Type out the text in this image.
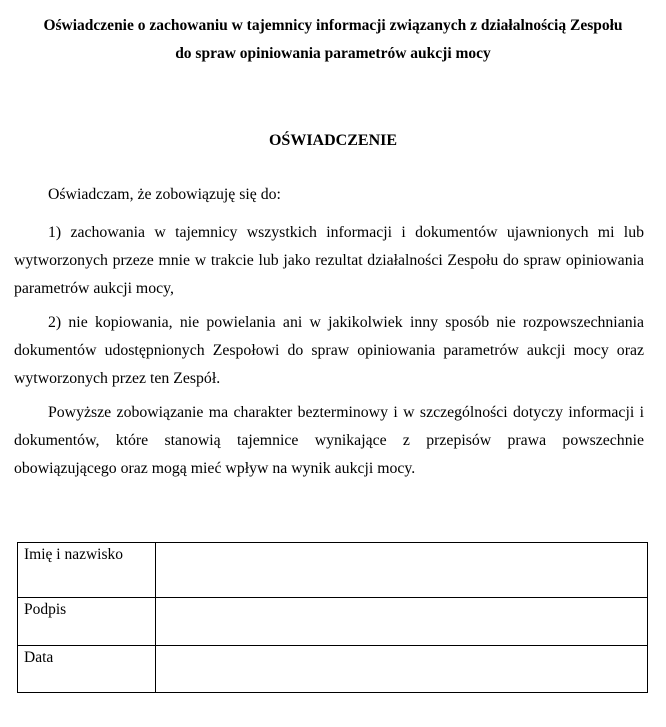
Oświadczenie o zachowaniu w tajemnicy informacji związanych z działalnością Zespołu
do spraw opiniowania parametrów aukcji mocy
OŚWIADCZENIE

Oświadczam, że zobowiązuję się do:

1) zachowania w tajemnicy wszystkich informacji i dokumentów ujawnionych mi lub wytworzonych przeze mnie w trakcie lub jako rezultat działalności Zespołu do spraw opiniowania parametrów aukcji mocy,

2) nie kopiowania, nie powielania ani w jakikolwiek inny sposób nie rozpowszechniania dokumentów udostępnionych Zespołowi do spraw opiniowania parametrów aukcji mocy oraz wytworzonych przez ten Zespół.

Powyższe zobowiązanie ma charakter bezterminowy i w szczególności dotyczy informacji i dokumentów, które stanowią tajemnice wynikające z przepisów prawa powszechnie obowiązującego oraz mogą mieć wpływ na wynik aukcji mocy.

Imię i nazwisko	
Podpis	
Data	
